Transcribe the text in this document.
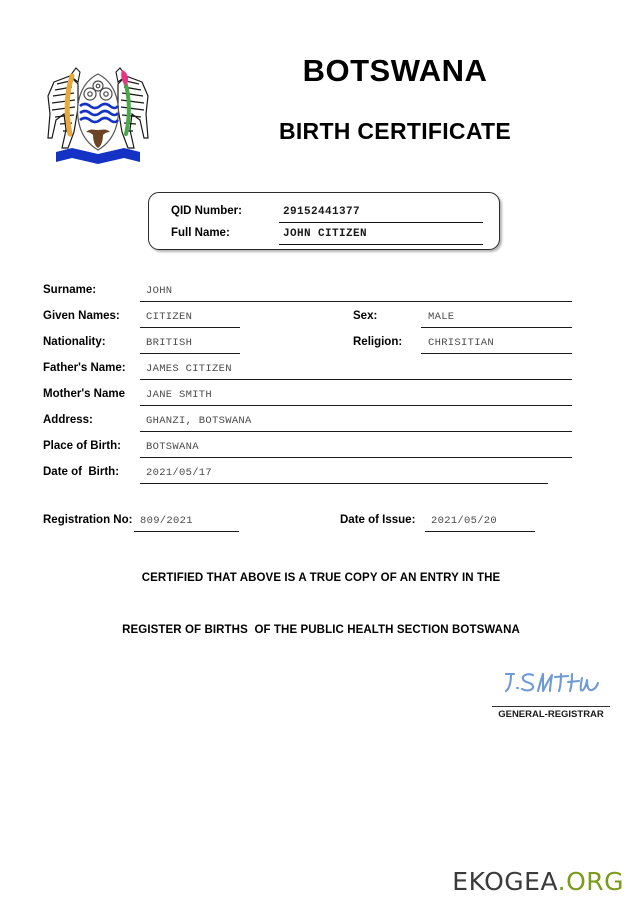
BOTSWANA
BIRTH CERTIFICATE
QID Number:	29152441377
Full Name:	JOHN CITIZEN
Surname:	JOHN
Given Names:	CITIZEN	Sex:	MALE
Nationality:	BRITISH	Religion: CHRISITIAN
Father's Name: JAMES CITIZEN
Mother's Name JANE SMITH
Address:	GHANZI, BOTSWANA
Place of Birth: BOTSWANA
Date of  Birth:	2021/05/17
Registration No: 809/2021	Date of Issue: 2021/05/20
CERTIFIED THAT ABOVE IS A TRUE COPY OF AN ENTRY IN THE
REGISTER OF BIRTHS  OF THE PUBLIC HEALTH SECTION BOTSWANA
GENERAL-REGISTRAR
EKOGEA.ORG
